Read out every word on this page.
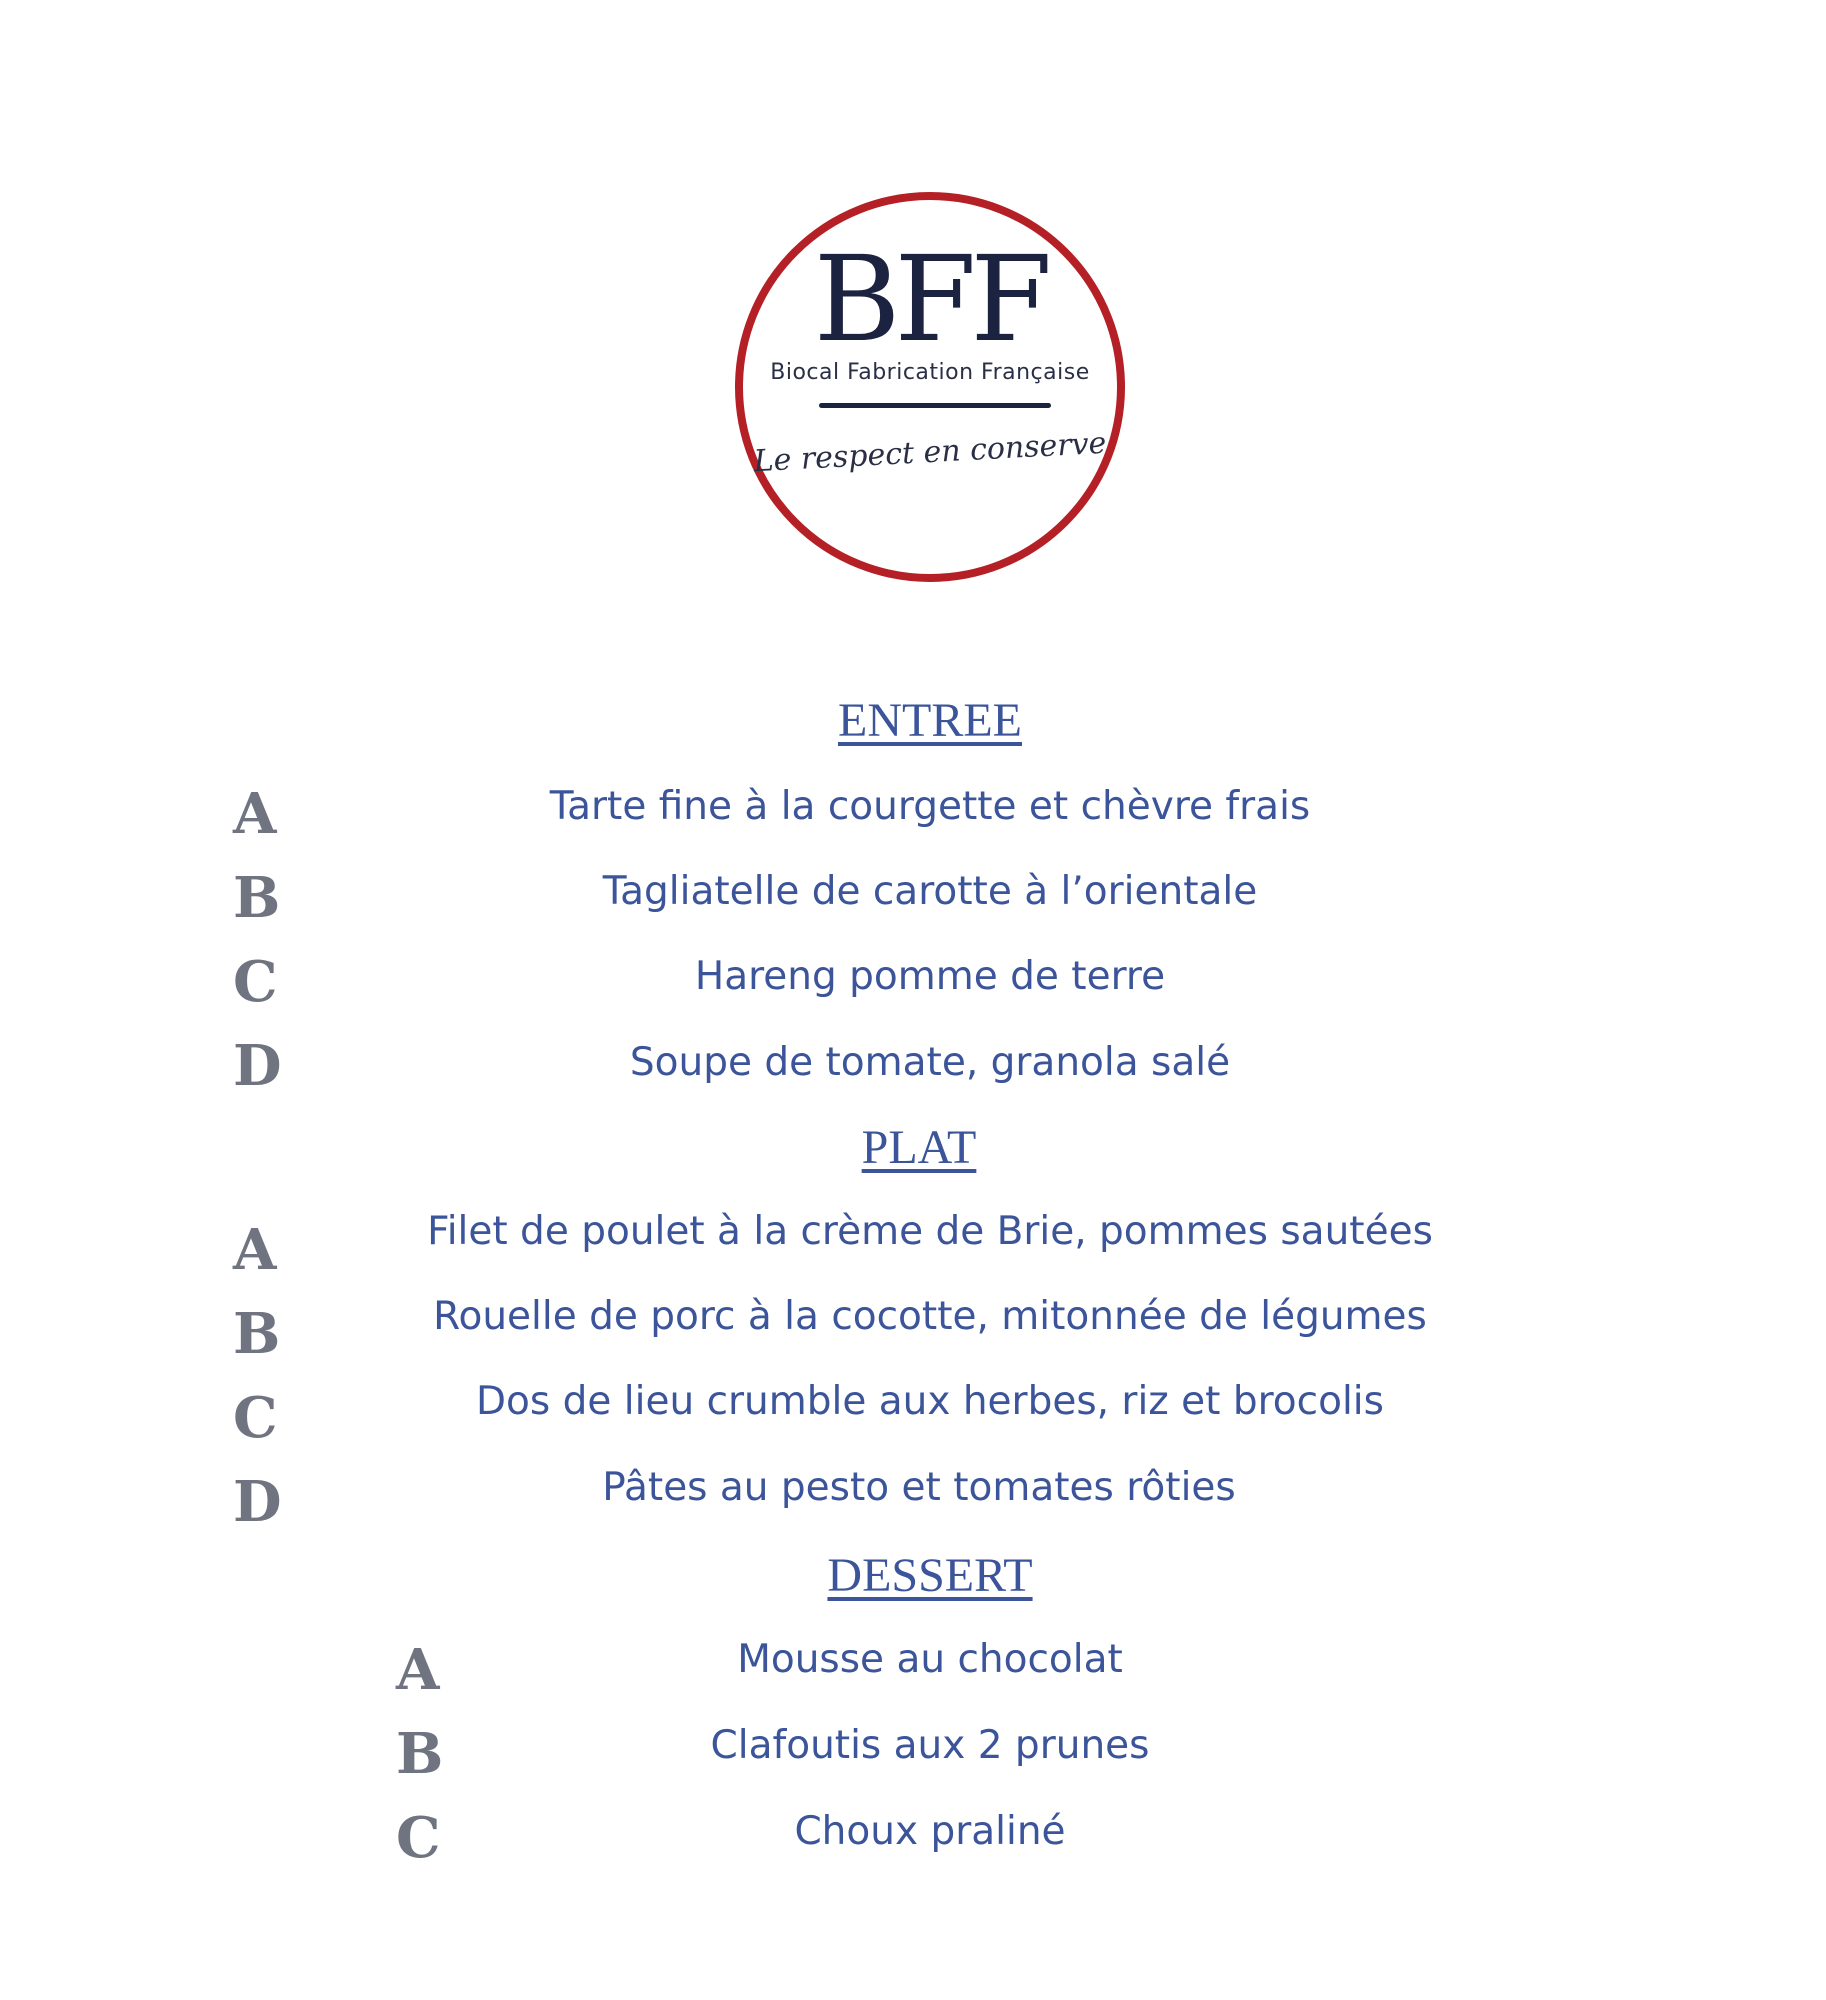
BFF
Biocal Fabrication Française
Le respect en conserve
ENTREE
A	Tarte fine à la courgette et chèvre frais
B	Tagliatelle de carotte à l’orientale
C	Hareng pomme de terre
D	Soupe de tomate, granola salé
PLAT
A	Filet de poulet à la crème de Brie, pommes sautées
B	Rouelle de porc à la cocotte, mitonnée de légumes
C	Dos de lieu crumble aux herbes, riz et brocolis
D	Pâtes au pesto et tomates rôties
DESSERT
A	Mousse au chocolat
B	Clafoutis aux 2 prunes
C	Choux praliné
